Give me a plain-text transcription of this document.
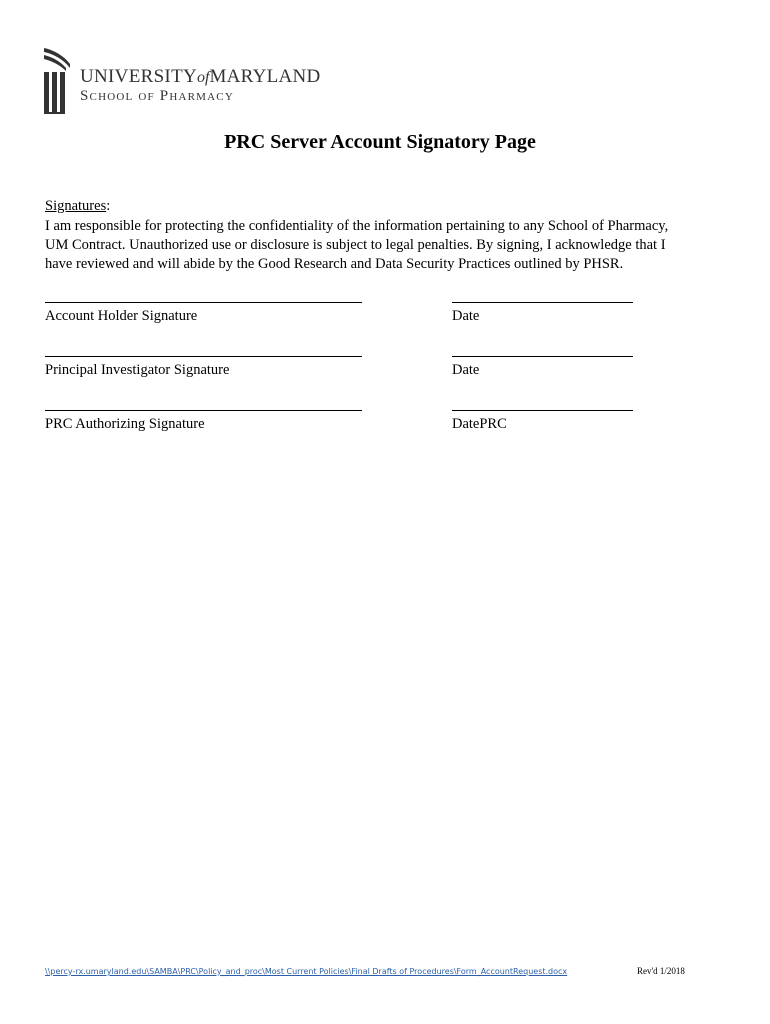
UNIVERSITYofMARYLAND
School of Pharmacy
PRC Server Account Signatory Page
Signatures:
I am responsible for protecting the confidentiality of the information pertaining to any School of Pharmacy,
UM Contract. Unauthorized use or disclosure is subject to legal penalties. By signing, I acknowledge that I
have reviewed and will abide by the Good Research and Data Security Practices outlined by PHSR.
Account Holder Signature	Date
Principal Investigator Signature	Date
PRC Authorizing Signature	DatePRC
\\percy-rx.umaryland.edu\SAMBA\PRC\Policy_and_proc\Most Current Policies\Final Drafts of Procedures\Form_AccountRequest.docx	Rev'd 1/2018
